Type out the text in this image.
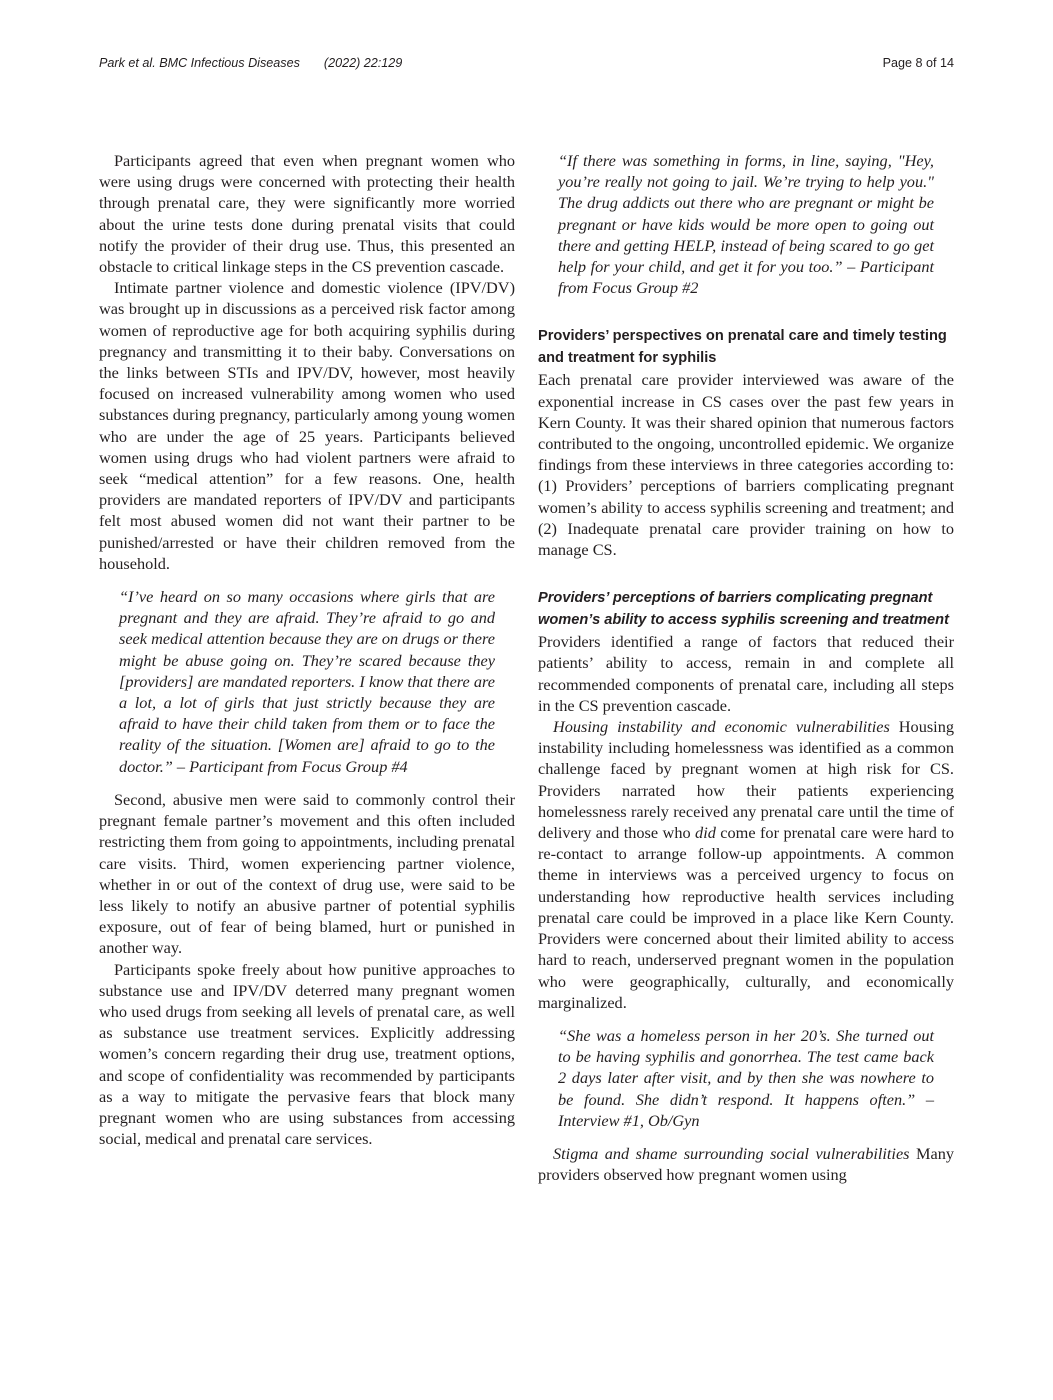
Park et al. BMC Infectious Diseases (2022) 22:129	Page 8 of 14

Participants agreed that even when pregnant women who were using drugs were concerned with protecting their health through prenatal care, they were significantly more worried about the urine tests done during prenatal visits that could notify the provider of their drug use. Thus, this presented an obstacle to critical linkage steps in the CS prevention cascade.

Intimate partner violence and domestic violence (IPV/DV) was brought up in discussions as a perceived risk factor among women of reproductive age for both acquiring syphilis during pregnancy and transmitting it to their baby. Conversations on the links between STIs and IPV/DV, however, most heavily focused on increased vulnerability among women who used substances during pregnancy, particularly among young women who are under the age of 25 years. Participants believed women using drugs who had violent partners were afraid to seek “medical attention” for a few reasons. One, health providers are mandated reporters of IPV/DV and participants felt most abused women did not want their partner to be punished/arrested or have their children removed from the household.

“I’ve heard on so many occasions where girls that are pregnant and they are afraid. They’re afraid to go and seek medical attention because they are on drugs or there might be abuse going on. They’re scared because they [providers] are mandated reporters. I know that there are a lot, a lot of girls that just strictly because they are afraid to have their child taken from them or to face the reality of the situation. [Women are] afraid to go to the doctor.” – Participant from Focus Group #4

Second, abusive men were said to commonly control their pregnant female partner’s movement and this often included restricting them from going to appointments, including prenatal care visits. Third, women experiencing partner violence, whether in or out of the context of drug use, were said to be less likely to notify an abusive partner of potential syphilis exposure, out of fear of being blamed, hurt or punished in another way.

Participants spoke freely about how punitive approaches to substance use and IPV/DV deterred many pregnant women who used drugs from seeking all levels of prenatal care, as well as substance use treatment services. Explicitly addressing women’s concern regarding their drug use, treatment options, and scope of confidentiality was recommended by participants as a way to mitigate the pervasive fears that block many pregnant women who are using substances from accessing social, medical and prenatal care services.

“If there was something in forms, in line, saying, "Hey, you’re really not going to jail. We’re trying to help you." The drug addicts out there who are pregnant or might be pregnant or have kids would be more open to going out there and getting HELP, instead of being scared to go get help for your child, and get it for you too.” – Participant from Focus Group #2
Providers’ perspectives on prenatal care and timely testing and treatment for syphilis

Each prenatal care provider interviewed was aware of the exponential increase in CS cases over the past few years in Kern County. It was their shared opinion that numerous factors contributed to the ongoing, uncontrolled epidemic. We organize findings from these interviews in three categories according to: (1) Providers’ perceptions of barriers complicating pregnant women’s ability to access syphilis screening and treatment; and (2) Inadequate prenatal care provider training on how to manage CS.

Providers’ perceptions of barriers complicating pregnant women’s ability to access syphilis screening and treatment

Providers identified a range of factors that reduced their patients’ ability to access, remain in and complete all recommended components of prenatal care, including all steps in the CS prevention cascade.

Housing instability and economic vulnerabilities Housing instability including homelessness was identified as a common challenge faced by pregnant women at high risk for CS. Providers narrated how their patients experiencing homelessness rarely received any prenatal care until the time of delivery and those who did come for prenatal care were hard to re-contact to arrange follow-up appointments. A common theme in interviews was a perceived urgency to focus on understanding how reproductive health services including prenatal care could be improved in a place like Kern County. Providers were concerned about their limited ability to access hard to reach, underserved pregnant women in the population who were geographically, culturally, and economically marginalized.

“She was a homeless person in her 20’s. She turned out to be having syphilis and gonorrhea. The test came back 2 days later after visit, and by then she was nowhere to be found. She didn’t respond. It happens often.” – Interview #1, Ob/Gyn

Stigma and shame surrounding social vulnerabilities Many providers observed how pregnant women using
